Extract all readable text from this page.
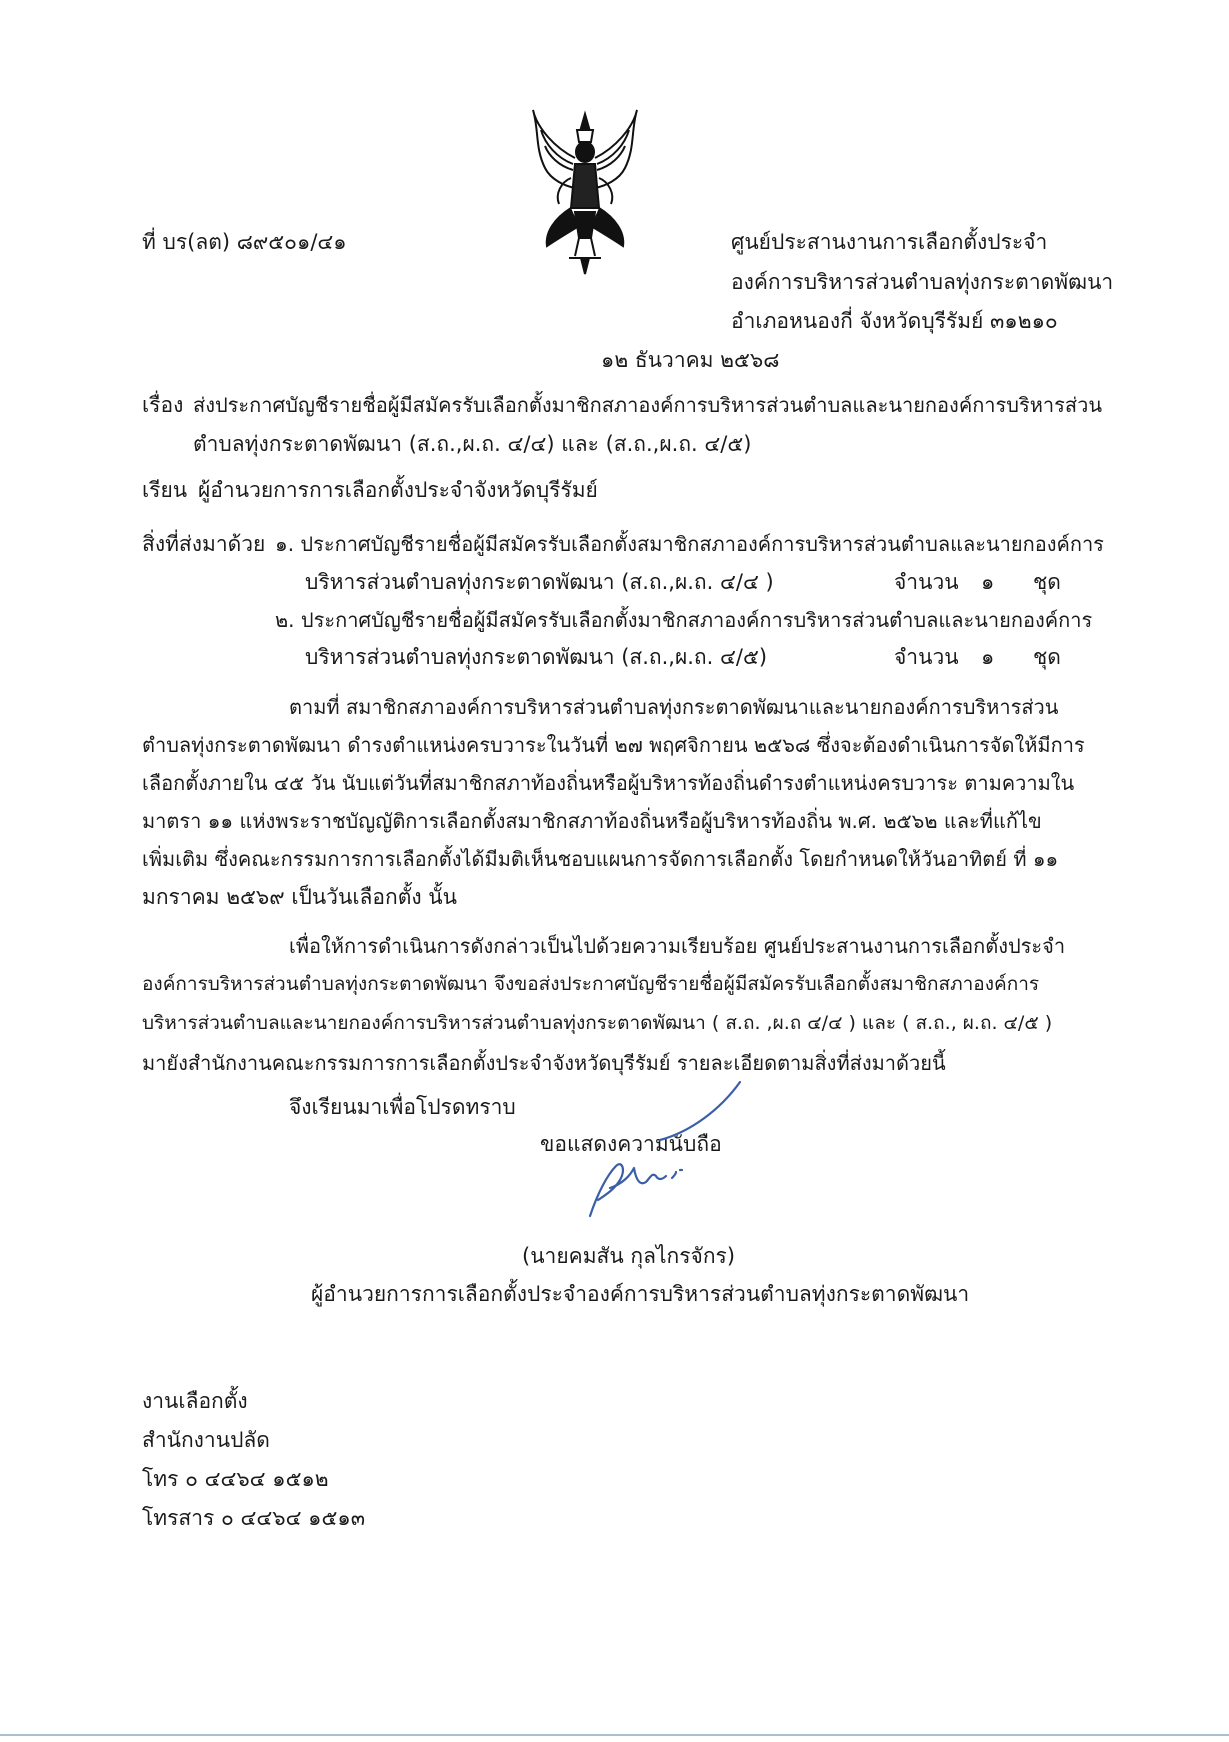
ที่ บร(ลต) ๘๙๕๐๑/๔๑	ศูนย์ประสานงานการเลือกตั้งประจำ
องค์การบริหารส่วนตำบลทุ่งกระตาดพัฒนา
อำเภอหนองกี่ จังหวัดบุรีรัมย์ ๓๑๒๑๐
๑๒ ธันวาคม ๒๕๖๘
เรื่อง ส่งประกาศบัญชีรายชื่อผู้มีสมัครรับเลือกตั้งมาชิกสภาองค์การบริหารส่วนตำบลและนายกองค์การบริหารส่วน
ตำบลทุ่งกระตาดพัฒนา (ส.ถ.,ผ.ถ. ๔/๔) และ (ส.ถ.,ผ.ถ. ๔/๕)
เรียน ผู้อำนวยการการเลือกตั้งประจำจังหวัดบุรีรัมย์
สิ่งที่ส่งมาด้วย ๑. ประกาศบัญชีรายชื่อผู้มีสมัครรับเลือกตั้งสมาชิกสภาองค์การบริหารส่วนตำบลและนายกองค์การ
บริหารส่วนตำบลทุ่งกระตาดพัฒนา (ส.ถ.,ผ.ถ. ๔/๔ )	จำนวน ๑ ชุด
๒. ประกาศบัญชีรายชื่อผู้มีสมัครรับเลือกตั้งมาชิกสภาองค์การบริหารส่วนตำบลและนายกองค์การ
บริหารส่วนตำบลทุ่งกระตาดพัฒนา (ส.ถ.,ผ.ถ. ๔/๕)	จำนวน ๑ ชุด
ตามที่ สมาชิกสภาองค์การบริหารส่วนตำบลทุ่งกระตาดพัฒนาและนายกองค์การบริหารส่วน
ตำบลทุ่งกระตาดพัฒนา ดำรงตำแหน่งครบวาระในวันที่ ๒๗ พฤศจิกายน ๒๕๖๘ ซึ่งจะต้องดำเนินการจัดให้มีการ
เลือกตั้งภายใน ๔๕ วัน นับแต่วันที่สมาชิกสภาท้องถิ่นหรือผู้บริหารท้องถิ่นดำรงตำแหน่งครบวาระ ตามความใน
มาตรา ๑๑ แห่งพระราชบัญญัติการเลือกตั้งสมาชิกสภาท้องถิ่นหรือผู้บริหารท้องถิ่น พ.ศ. ๒๕๖๒ และที่แก้ไข
เพิ่มเติม ซึ่งคณะกรรมการการเลือกตั้งได้มีมติเห็นชอบแผนการจัดการเลือกตั้ง โดยกำหนดให้วันอาทิตย์ ที่ ๑๑
มกราคม ๒๕๖๙ เป็นวันเลือกตั้ง นั้น
เพื่อให้การดำเนินการดังกล่าวเป็นไปด้วยความเรียบร้อย ศูนย์ประสานงานการเลือกตั้งประจำ
องค์การบริหารส่วนตำบลทุ่งกระตาดพัฒนา จึงขอส่งประกาศบัญชีรายชื่อผู้มีสมัครรับเลือกตั้งสมาชิกสภาองค์การ
บริหารส่วนตำบลและนายกองค์การบริหารส่วนตำบลทุ่งกระตาดพัฒนา ( ส.ถ. ,ผ.ถ ๔/๔ ) และ ( ส.ถ., ผ.ถ. ๔/๕ )
มายังสำนักงานคณะกรรมการการเลือกตั้งประจำจังหวัดบุรีรัมย์ รายละเอียดตามสิ่งที่ส่งมาด้วยนี้
จึงเรียนมาเพื่อโปรดทราบ
ขอแสดงความนับถือ
(นายคมสัน กุลไกรจักร)
ผู้อำนวยการการเลือกตั้งประจำองค์การบริหารส่วนตำบลทุ่งกระตาดพัฒนา
งานเลือกตั้ง
สำนักงานปลัด
โทร ๐ ๔๔๖๔ ๑๕๑๒
โทรสาร ๐ ๔๔๖๔ ๑๕๑๓
